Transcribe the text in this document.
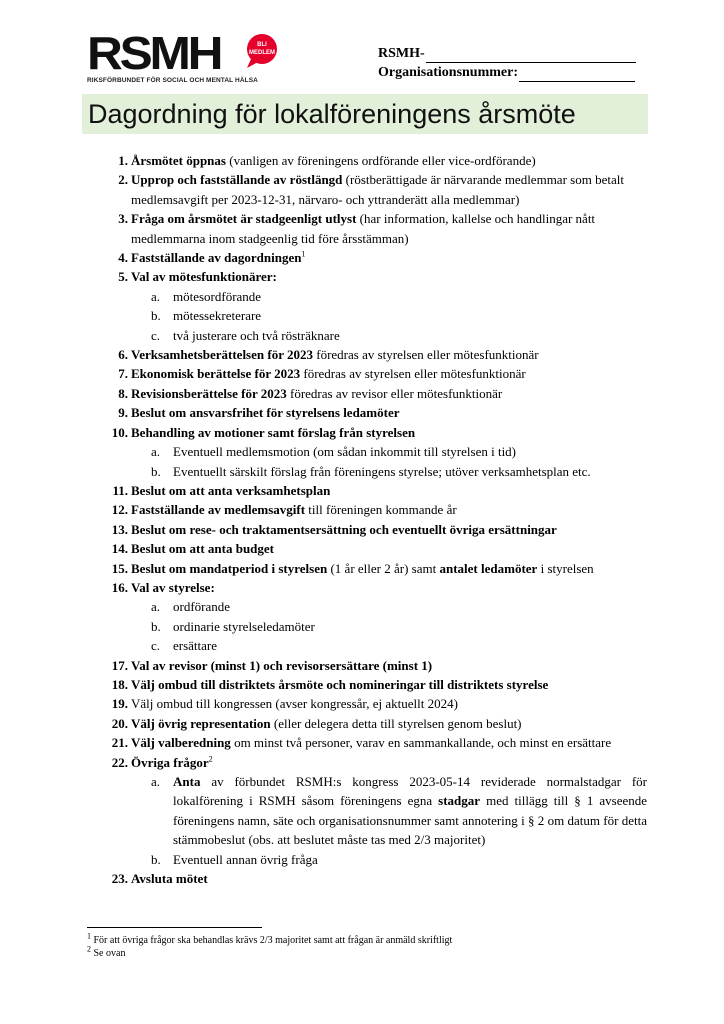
RSMH	BLI
MEDLEM
RIKSFÖRBUNDET FÖR SOCIAL OCH MENTAL HÄLSA
RSMH-
Organisationsnummer:
Dagordning för lokalföreningens årsmöte
1. Årsmötet öppnas (vanligen av föreningens ordförande eller vice-ordförande)
2. Upprop och fastställande av röstlängd (röstberättigade är närvarande medlemmar som betalt medlemsavgift per 2023-12-31, närvaro- och yttranderätt alla medlemmar)
3. Fråga om årsmötet är stadgeenligt utlyst (har information, kallelse och handlingar nått medlemmarna inom stadgeenlig tid före årsstämman)
4. Fastställande av dagordningen$^1$
5. Val av mötesfunktionärer:
a. mötesordförande
b. mötessekreterare
c. två justerare och två rösträknare
6. Verksamhetsberättelsen för 2023 föredras av styrelsen eller mötesfunktionär
7. Ekonomisk berättelse för 2023 föredras av styrelsen eller mötesfunktionär
8. Revisionsberättelse för 2023 föredras av revisor eller mötesfunktionär
9. Beslut om ansvarsfrihet för styrelsens ledamöter
10. Behandling av motioner samt förslag från styrelsen
a. Eventuell medlemsmotion (om sådan inkommit till styrelsen i tid)
b. Eventuellt särskilt förslag från föreningens styrelse; utöver verksamhetsplan etc.
11. Beslut om att anta verksamhetsplan
12. Fastställande av medlemsavgift till föreningen kommande år
13. Beslut om rese- och traktamentsersättning och eventuellt övriga ersättningar
14. Beslut om att anta budget
15. Beslut om mandatperiod i styrelsen (1 år eller 2 år) samt antalet ledamöter i styrelsen
16. Val av styrelse:
a. ordförande
b. ordinarie styrelseledamöter
c. ersättare
17. Val av revisor (minst 1) och revisorsersättare (minst 1)
18. Välj ombud till distriktets årsmöte och nomineringar till distriktets styrelse
19. Välj ombud till kongressen (avser kongressår, ej aktuellt 2024)
20. Välj övrig representation (eller delegera detta till styrelsen genom beslut)
21. Välj valberedning om minst två personer, varav en sammankallande, och minst en ersättare
22. Övriga frågor$^2$
a. Anta av förbundet RSMH:s kongress 2023-05-14 reviderade normalstadgar för lokalförening i RSMH såsom föreningens egna stadgar med tillägg till § 1 avseende föreningens namn, säte och organisationsnummer samt annotering i § 2 om datum för detta stämmobeslut (obs. att beslutet måste tas med 2/3 majoritet)
b. Eventuell annan övrig fråga
23. Avsluta mötet
$^1$ För att övriga frågor ska behandlas krävs 2/3 majoritet samt att frågan är anmäld skriftligt
$^2$ Se ovan
